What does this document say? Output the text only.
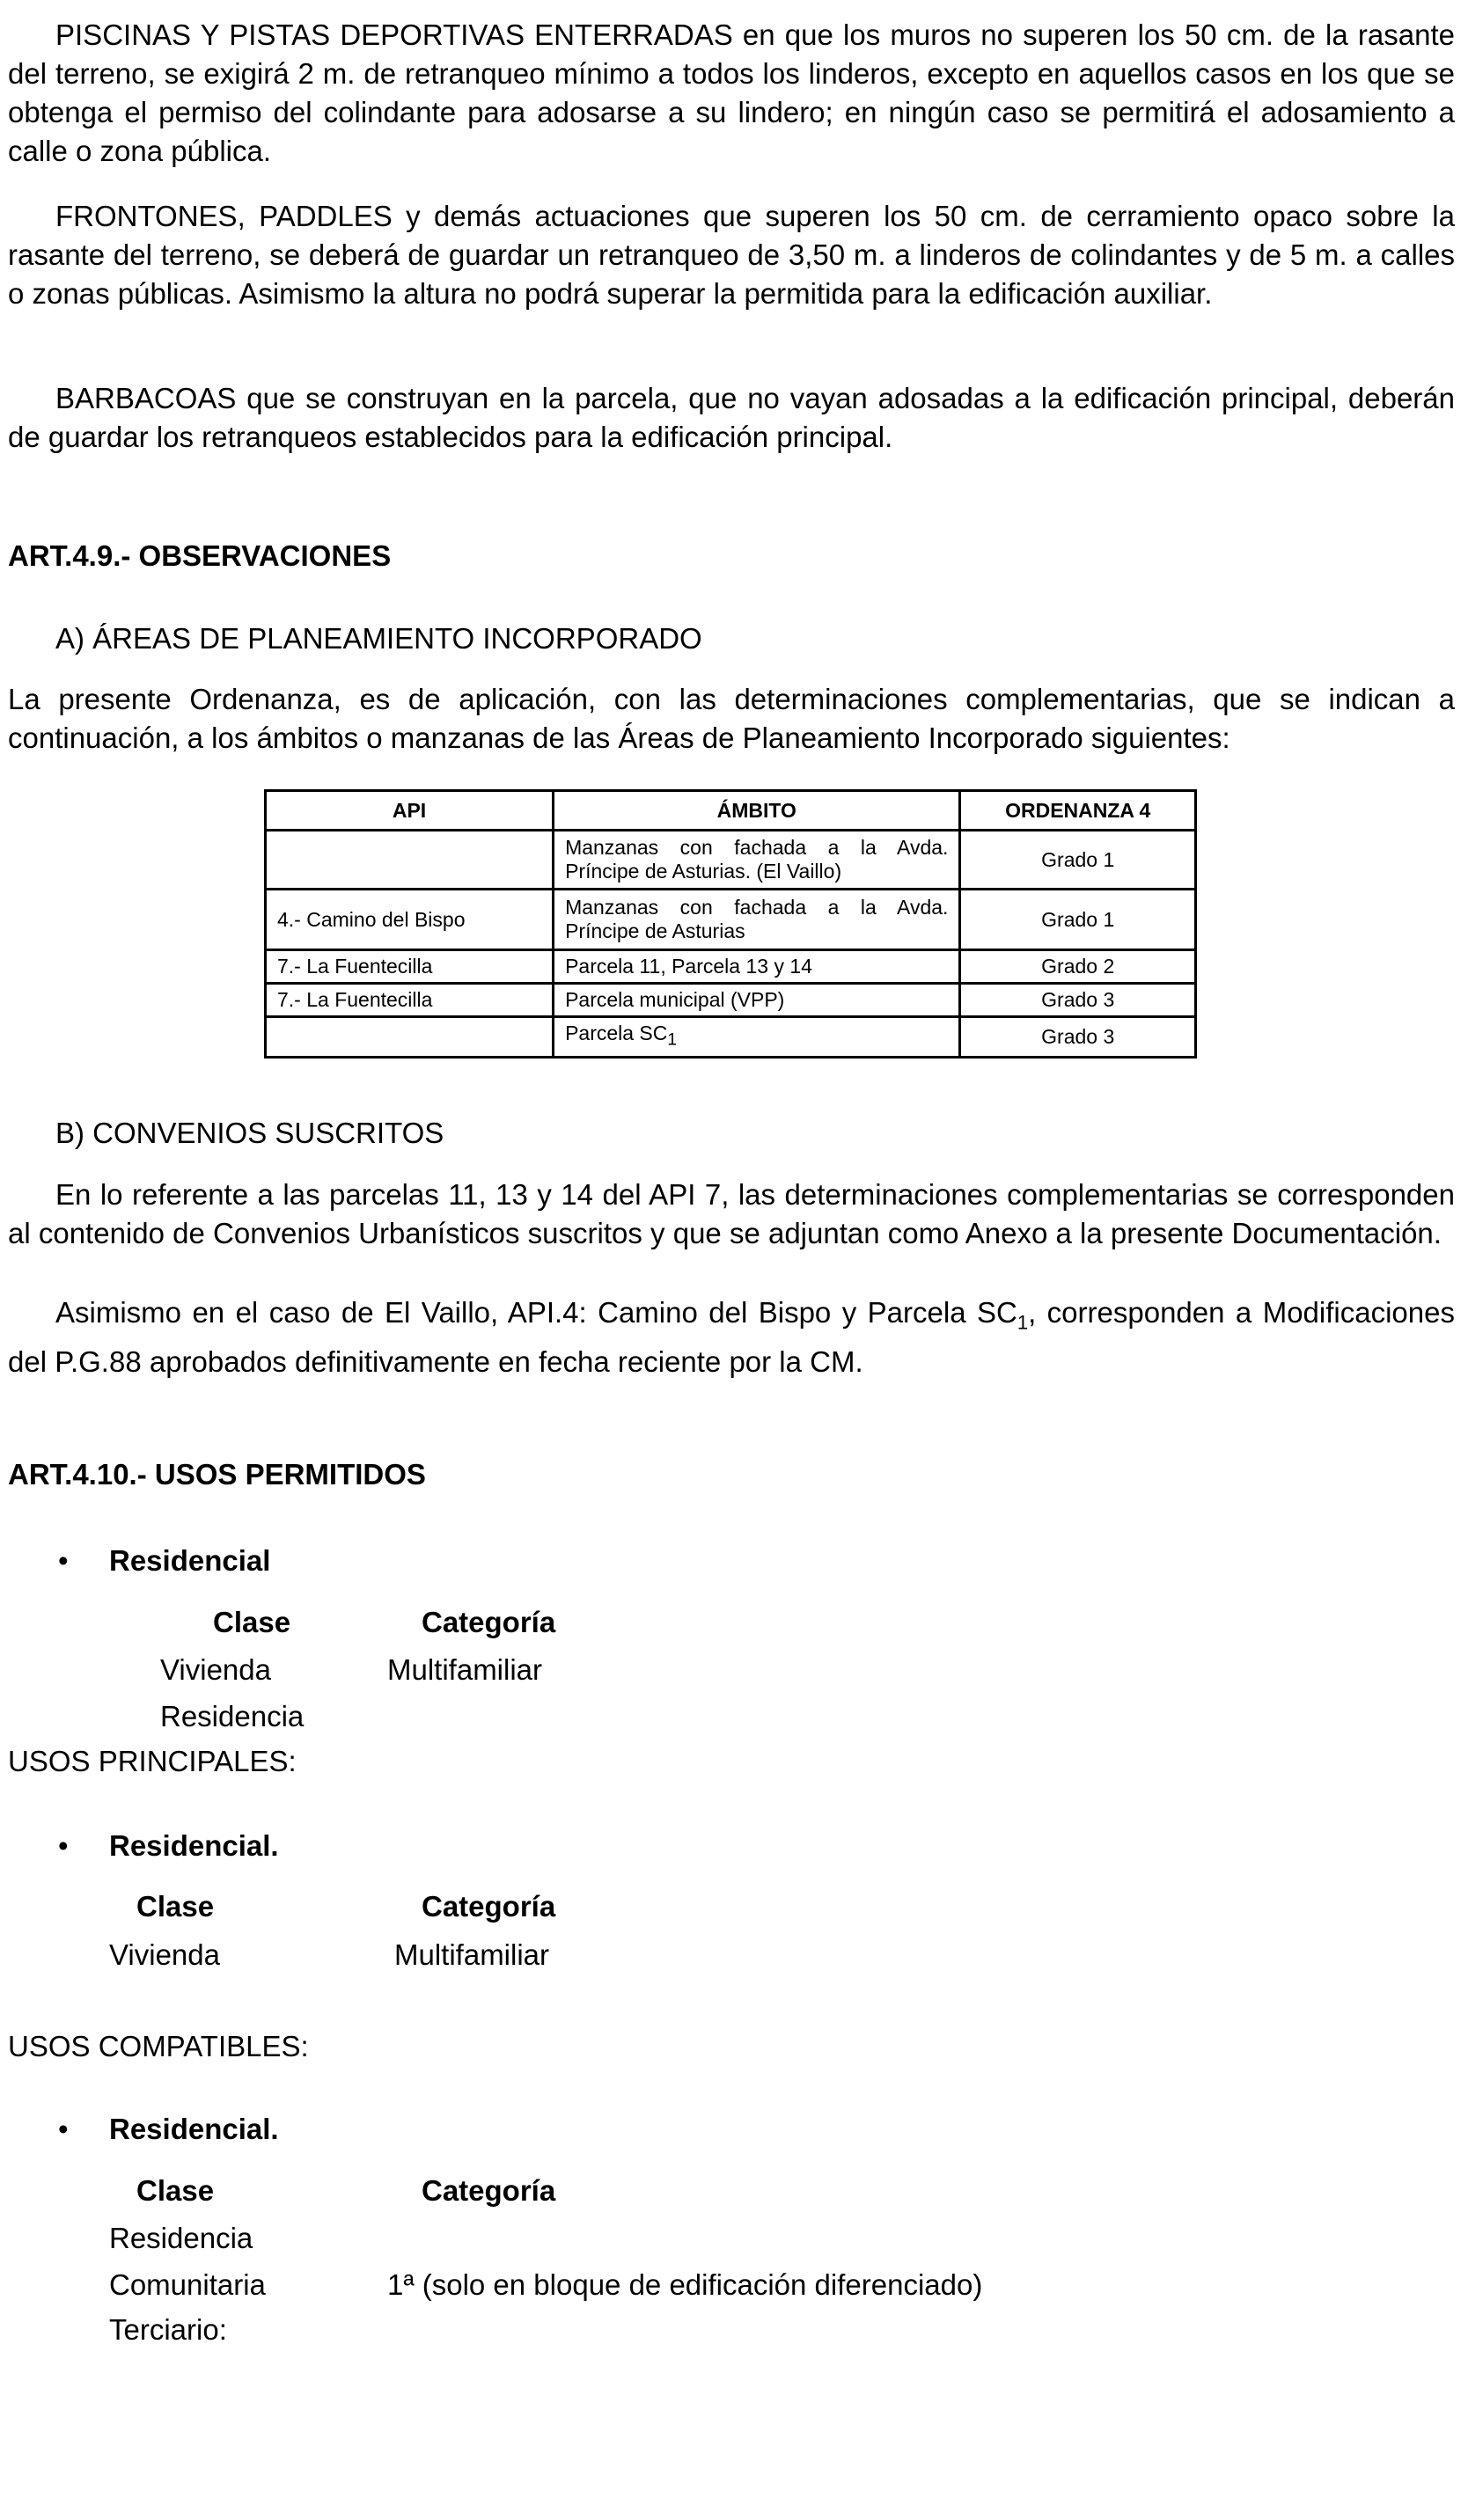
PISCINAS Y PISTAS DEPORTIVAS ENTERRADAS en que los muros no superen los 50 cm. de la rasante del terreno, se exigirá 2 m. de retranqueo mínimo a todos los linderos, excepto en aquellos casos en los que se obtenga el permiso del colindante para adosarse a su lindero; en ningún caso se permitirá el adosamiento a calle o zona pública.
FRONTONES, PADDLES y demás actuaciones que superen los 50 cm. de cerramiento opaco sobre la rasante del terreno, se deberá de guardar un retranqueo de 3,50 m. a linderos de colindantes y de 5 m. a calles o zonas públicas. Asimismo la altura no podrá superar la permitida para la edificación auxiliar.
BARBACOAS que se construyan en la parcela, que no vayan adosadas a la edificación principal, deberán de guardar los retranqueos establecidos para la edificación principal.
ART.4.9.- OBSERVACIONES
A) ÁREAS DE PLANEAMIENTO INCORPORADO
La presente Ordenanza, es de aplicación, con las determinaciones complementarias, que se indican a continuación, a los ámbitos o manzanas de las Áreas de Planeamiento Incorporado siguientes:
API	ÁMBITO	ORDENANZA 4
	Manzanas con fachada a la Avda. Príncipe de Asturias. (El Vaillo)	Grado 1
4.- Camino del Bispo	Manzanas con fachada a la Avda. Príncipe de Asturias	Grado 1
7.- La Fuentecilla	Parcela 11, Parcela 13 y 14	Grado 2
7.- La Fuentecilla	Parcela municipal (VPP)	Grado 3
	Parcela $SC_1$	Grado 3
B) CONVENIOS SUSCRITOS
En lo referente a las parcelas 11, 13 y 14 del API 7, las determinaciones complementarias se corresponden al contenido de Convenios Urbanísticos suscritos y que se adjuntan como Anexo a la presente Documentación.
Asimismo en el caso de El Vaillo, API.4: Camino del Bispo y Parcela $SC_1$, corresponden a Modificaciones del P.G.88 aprobados definitivamente en fecha reciente por la CM.
ART.4.10.- USOS PERMITIDOS
• Residencial
Clase	Categoría
Vivienda	Multifamiliar
Residencia
USOS PRINCIPALES:
• Residencial.
Clase	Categoría
Vivienda	Multifamiliar
USOS COMPATIBLES:
• Residencial.
Clase	Categoría
Residencia
Comunitaria	1ª (solo en bloque de edificación diferenciado)
Terciario:
